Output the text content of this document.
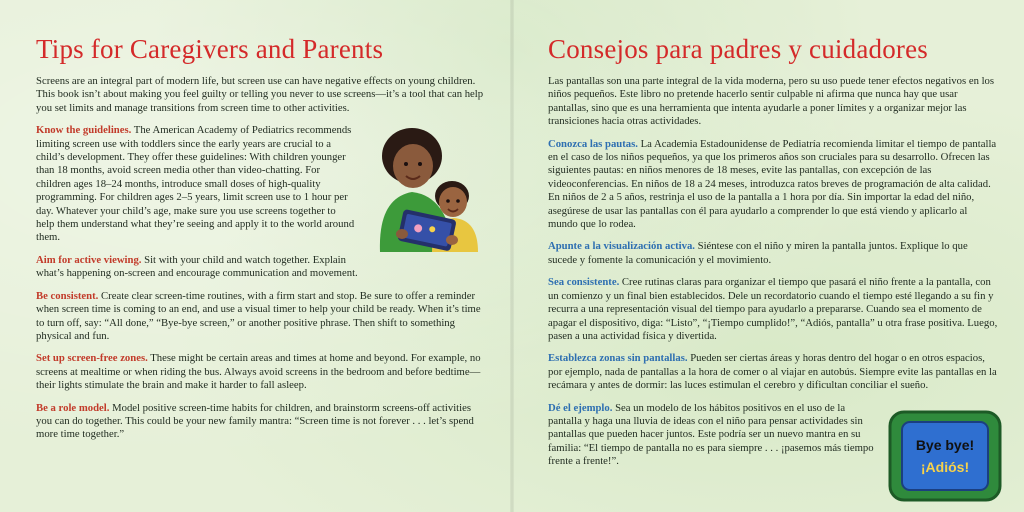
Tips for Caregivers and Parents

Screens are an integral part of modern life, but screen use can have negative effects on young children. This book isn’t about making you feel guilty or telling you never to use screens—it’s a tool that can help you set limits and manage transitions from screen time to other activities.

Know the guidelines. The American Academy of Pediatrics recommends limiting screen use with toddlers since the early years are crucial to a child’s development. They offer these guidelines: With children younger than 18 months, avoid screen media other than video-chatting. For children ages 18–24 months, introduce small doses of high-quality programming. For children ages 2–5 years, limit screen use to 1 hour per day. Whatever your child’s age, make sure you use screens together to help them understand what they’re seeing and apply it to the world around them.

Aim for active viewing. Sit with your child and watch together. Explain what’s happening on-screen and encourage communication and movement.

Be consistent. Create clear screen-time routines, with a firm start and stop. Be sure to offer a reminder when screen time is coming to an end, and use a visual timer to help your child be ready. When it’s time to turn off, say: “All done,” “Bye-bye screen,” or another positive phrase. Then shift to something physical and fun.

Set up screen-free zones. These might be certain areas and times at home and beyond. For example, no screens at mealtime or when riding the bus. Always avoid screens in the bedroom and before bedtime—their lights stimulate the brain and make it harder to fall asleep.

Be a role model. Model positive screen-time habits for children, and brainstorm screens-off activities you can do together. This could be your new family mantra: “Screen time is not forever . . . let’s spend more time together.”

Consejos para padres y cuidadores

Las pantallas son una parte integral de la vida moderna, pero su uso puede tener efectos negativos en los niños pequeños. Este libro no pretende hacerlo sentir culpable ni afirma que nunca hay que usar pantallas, sino que es una herramienta que intenta ayudarle a poner límites y a organizar mejor las transiciones hacia otras actividades.

Conozca las pautas. La Academia Estadounidense de Pediatría recomienda limitar el tiempo de pantalla en el caso de los niños pequeños, ya que los primeros años son cruciales para su desarrollo. Ofrecen las siguientes pautas: en niños menores de 18 meses, evite las pantallas, con excepción de las videoconferencias. En niños de 18 a 24 meses, introduzca ratos breves de programación de alta calidad. En niños de 2 a 5 años, restrinja el uso de la pantalla a 1 hora por día. Sin importar la edad del niño, asegúrese de usar las pantallas con él para ayudarlo a comprender lo que está viendo y aplicarlo al mundo que lo rodea.

Apunte a la visualización activa. Siéntese con el niño y miren la pantalla juntos. Explique lo que sucede y fomente la comunicación y el movimiento.

Sea consistente. Cree rutinas claras para organizar el tiempo que pasará el niño frente a la pantalla, con un comienzo y un final bien establecidos. Dele un recordatorio cuando el tiempo esté llegando a su fin y recurra a una representación visual del tiempo para ayudarlo a prepararse. Cuando sea el momento de apagar el dispositivo, diga: “Listo”, “¡Tiempo cumplido!”, “Adiós, pantalla” u otra frase positiva. Luego, pasen a una actividad física y divertida.

Establezca zonas sin pantallas. Pueden ser ciertas áreas y horas dentro del hogar o en otros espacios, por ejemplo, nada de pantallas a la hora de comer o al viajar en autobús. Siempre evite las pantallas en la recámara y antes de dormir: las luces estimulan el cerebro y dificultan conciliar el sueño.

Bye bye!
¡Adiós!

Dé el ejemplo. Sea un modelo de los hábitos positivos en el uso de la pantalla y haga una lluvia de ideas con el niño para pensar actividades sin pantallas que pueden hacer juntos. Este podría ser un nuevo mantra en su familia: “El tiempo de pantalla no es para siempre . . . ¡pasemos más tiempo frente a frente!”.
